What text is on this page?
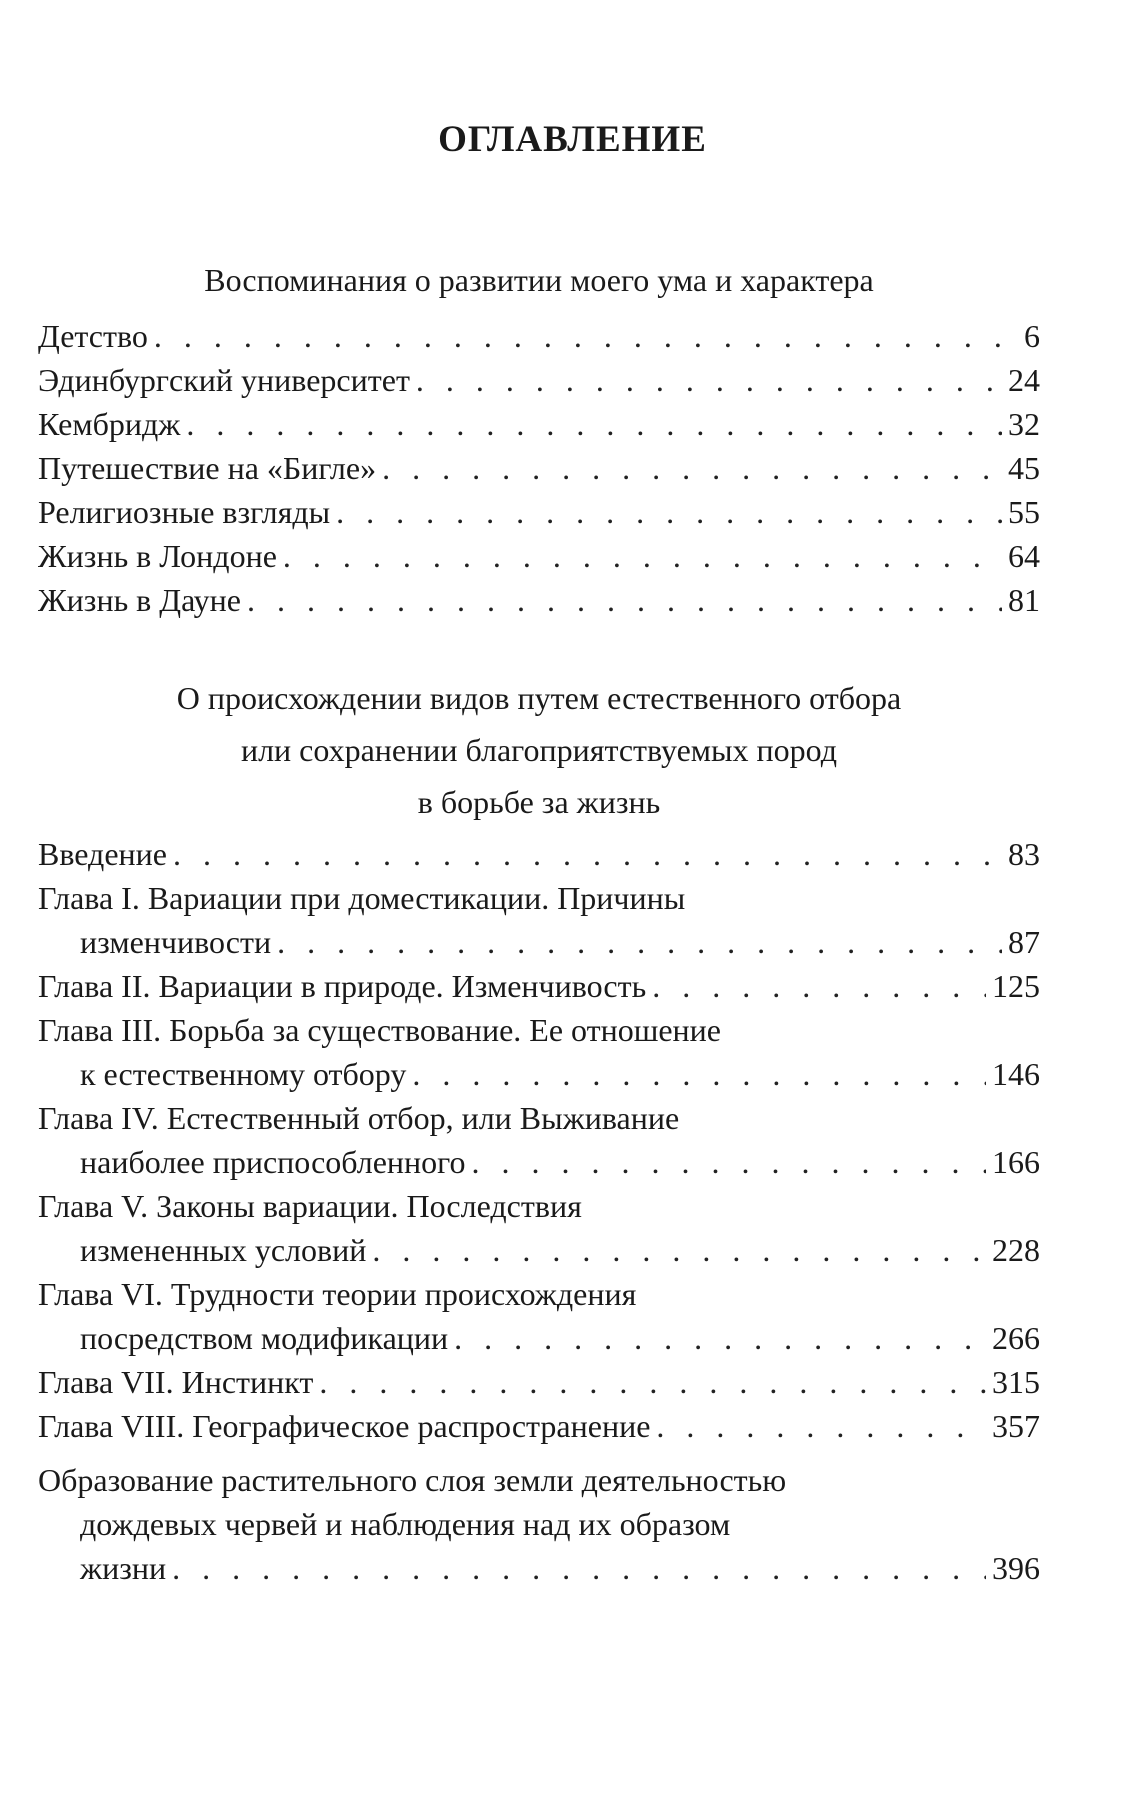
ОГЛАВЛЕНИЕ
Воспоминания о развитии моего ума и характера
Детство . . .	6
Эдинбургский университет . . .	24
Кембридж . . .	32
Путешествие на «Бигле» . . .	45
Религиозные взгляды . . .	55
Жизнь в Лондоне . . .	64
Жизнь в Дауне . . .	81
О происхождении видов путем естественного отбора
или сохранении благоприятствуемых пород
в борьбе за жизнь
Введение . . .	83
Глава I. Вариации при доместикации. Причины
изменчивости . . .	87
Глава II. Вариации в природе. Изменчивость . . .	125
Глава III. Борьба за существование. Ее отношение
к естественному отбору . . .	146
Глава IV. Естественный отбор, или Выживание
наиболее приспособленного . . .	166
Глава V. Законы вариации. Последствия
измененных условий . . .	228
Глава VI. Трудности теории происхождения
посредством модификации . . .	266
Глава VII. Инстинкт . . .	315
Глава VIII. Географическое распространение . . .	357
Образование растительного слоя земли деятельностью
дождевых червей и наблюдения над их образом
жизни . . .	396
